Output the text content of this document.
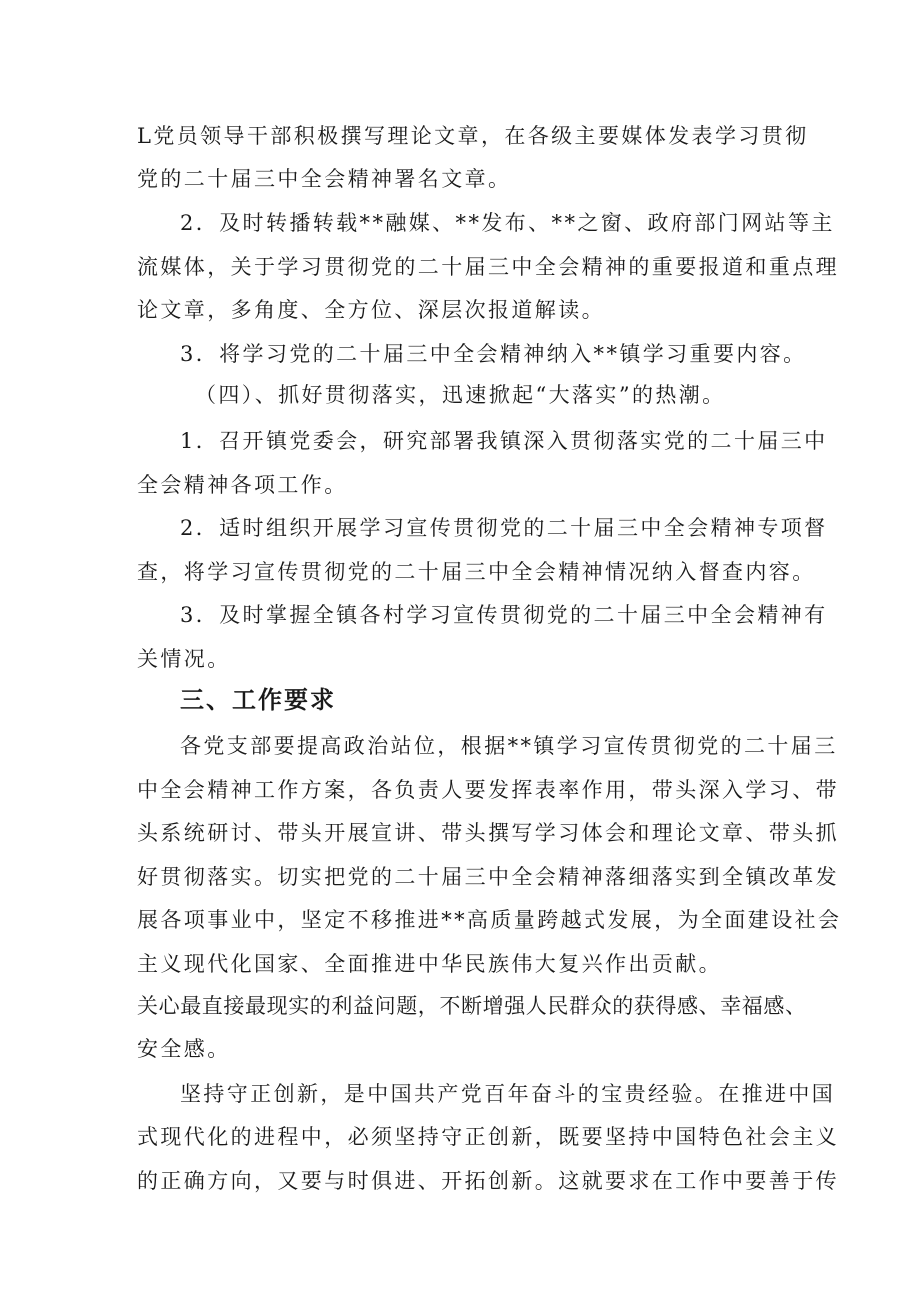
L党员领导干部积极撰写理论文章，在各级主要媒体发表学习贯彻
党的二十届三中全会精神署名文章。
2．及时转播转载**融媒、**发布、**之窗、政府部门网站等主
流媒体，关于学习贯彻党的二十届三中全会精神的重要报道和重点理
论文章，多角度、全方位、深层次报道解读。
3．将学习党的二十届三中全会精神纳入**镇学习重要内容。
（四）、抓好贯彻落实，迅速掀起“大落实”的热潮。
1．召开镇党委会，研究部署我镇深入贯彻落实党的二十届三中
全会精神各项工作。
2．适时组织开展学习宣传贯彻党的二十届三中全会精神专项督
查，将学习宣传贯彻党的二十届三中全会精神情况纳入督查内容。
3．及时掌握全镇各村学习宣传贯彻党的二十届三中全会精神有
关情况。
三、工作要求
各党支部要提高政治站位，根据**镇学习宣传贯彻党的二十届三
中全会精神工作方案，各负责人要发挥表率作用，带头深入学习、带
头系统研讨、带头开展宣讲、带头撰写学习体会和理论文章、带头抓
好贯彻落实。切实把党的二十届三中全会精神落细落实到全镇改革发
展各项事业中，坚定不移推进**高质量跨越式发展，为全面建设社会
主义现代化国家、全面推进中华民族伟大复兴作出贡献。
关心最直接最现实的利益问题，不断增强人民群众的获得感、幸福感、
安全感。
坚持守正创新，是中国共产党百年奋斗的宝贵经验。在推进中国
式现代化的进程中，必须坚持守正创新，既要坚持中国特色社会主义
的正确方向，又要与时俱进、开拓创新。这就要求在工作中要善于传
